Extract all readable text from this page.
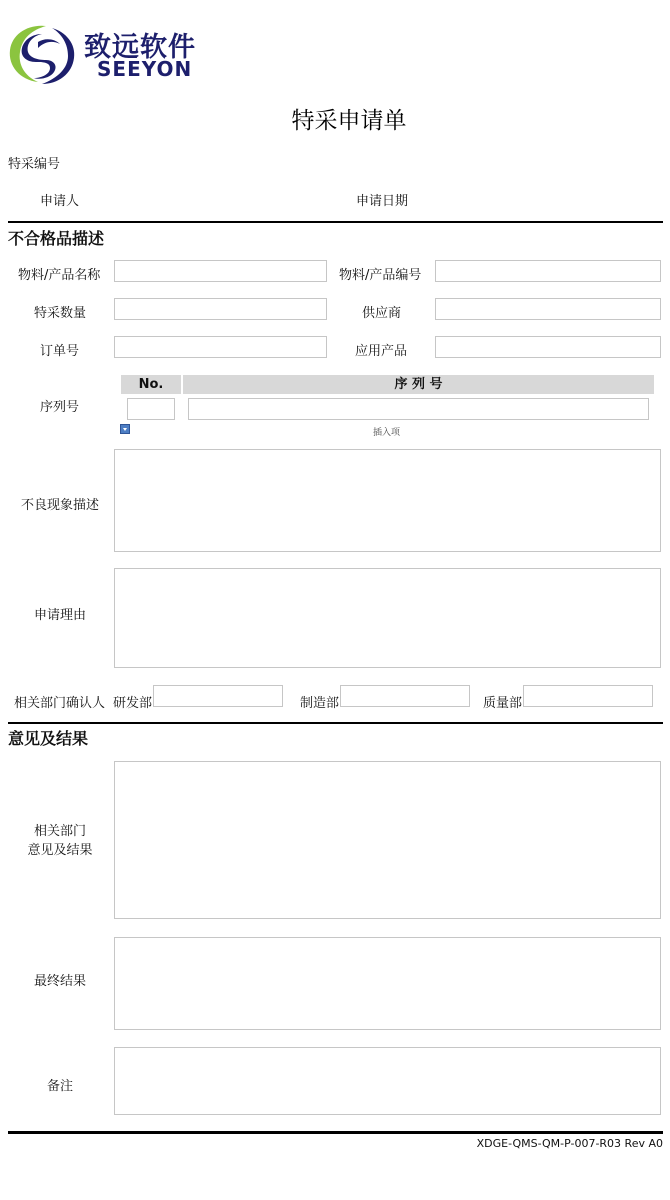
致远软件
SEEYON
特采申请单
特采编号
申请人	申请日期
不合格品描述
物料/产品名称	物料/产品编号
特采数量	供应商
订单号	应用产品
序列号
No.	序 列 号
插入项
不良现象描述
申请理由
相关部门确认人 研发部	制造部	质量部
意见及结果
相关部门
意见及结果
最终结果
备注
XDGE-QMS-QM-P-007-R03 Rev A0
